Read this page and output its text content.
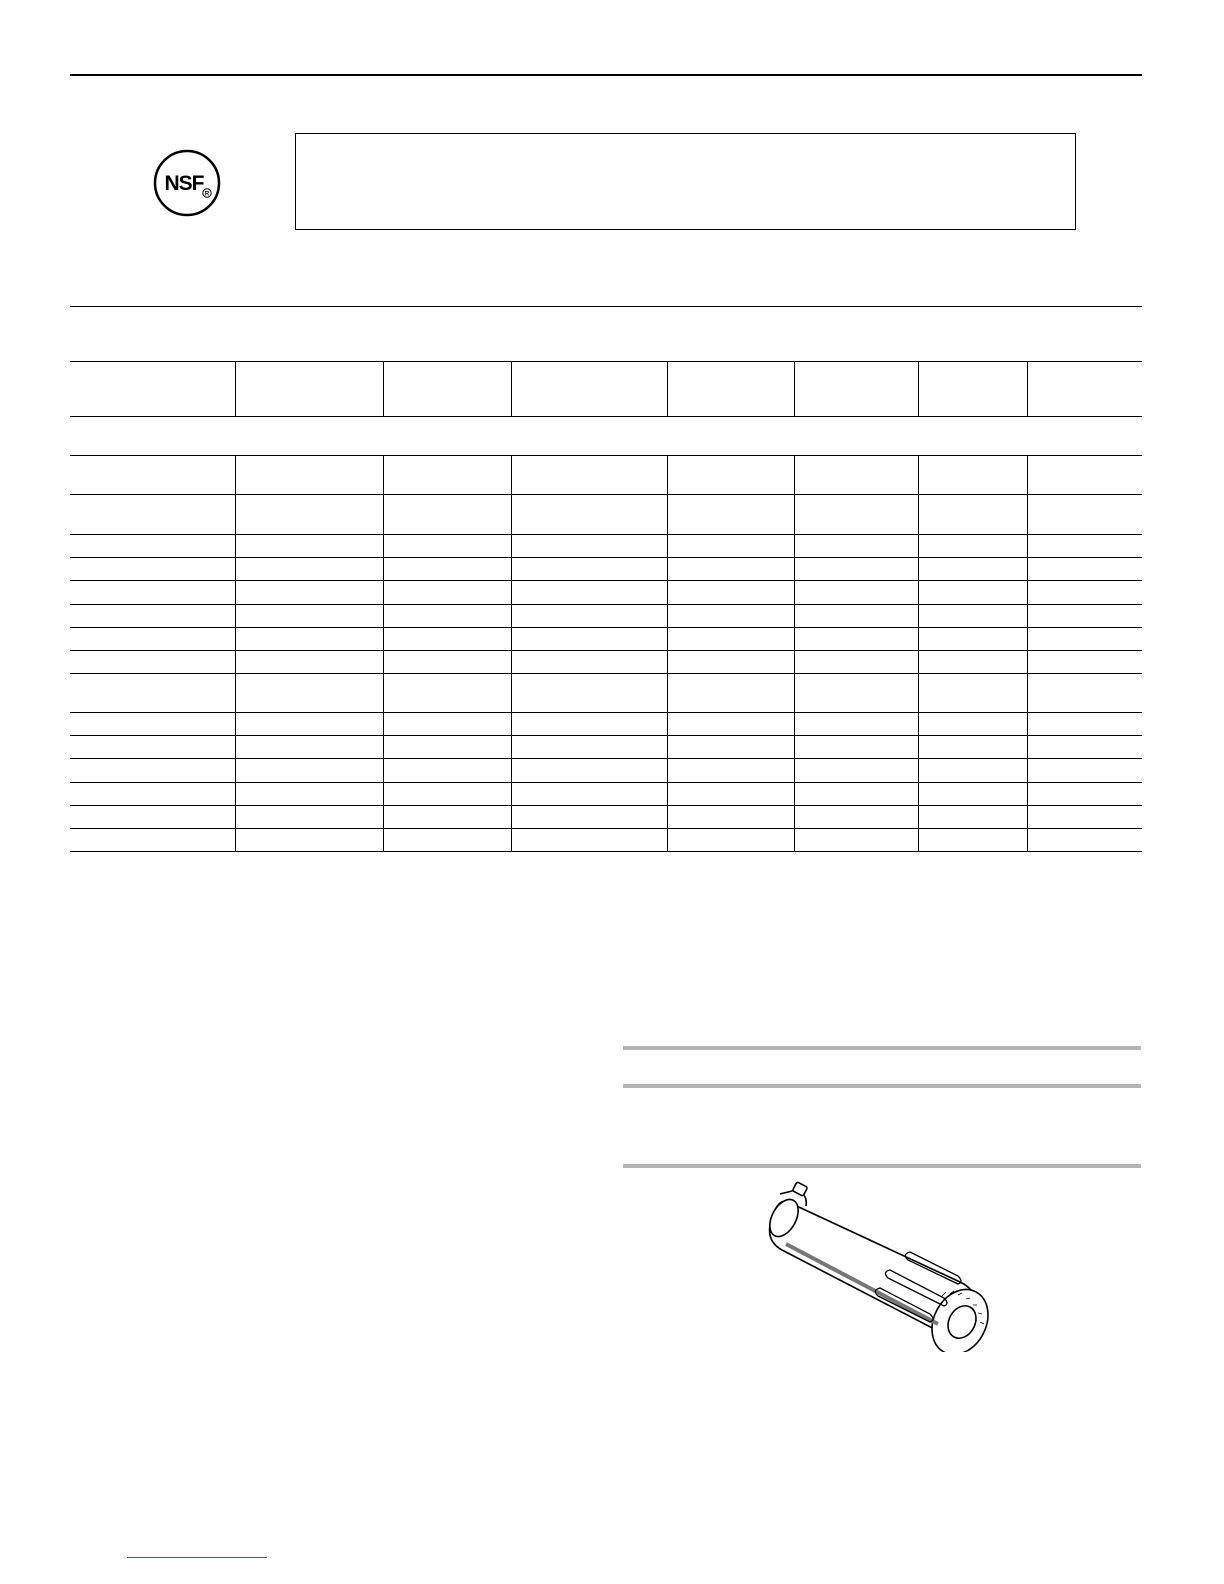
NSF R
